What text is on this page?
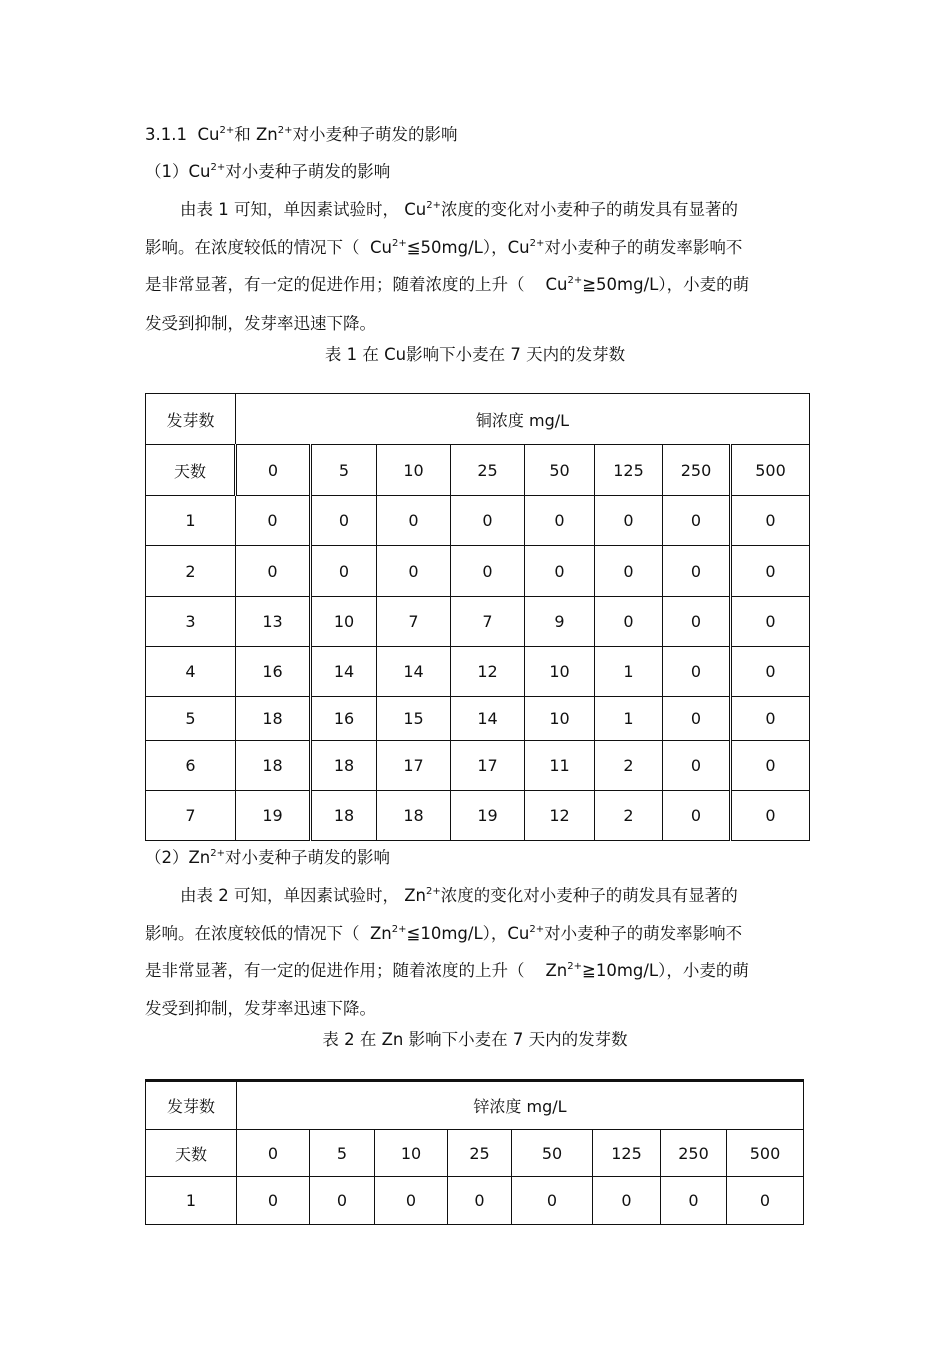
3.1.1 $Cu^{2+}$和 $Zn^{2+}$对小麦种子萌发的影响
$(1)Cu^{2+}$对小麦种子萌发的影响
由表 1 可知，单因素试验时， $Cu^{2+}$浓度的变化对小麦种子的萌发具有显著的
影响。在浓度较低的情况下（ $Cu^{2+}≦50mg/L$），$Cu^{2+}$对小麦种子的萌发率影响不
是非常显著，有一定的促进作用；随着浓度的上升（ $Cu^{2+}≧50mg/L$），小麦的萌
发受到抑制，发芽率迅速下降。
表 1 在 Cu影响下小麦在 7 天内的发芽数
发芽数	铜浓度 mg/L							
天数	0	5	10	25	50	125	250	500
1	0	0	0	0	0	0	0	0
2	0	0	0	0	0	0	0	0
3	13	10	7	7	9	0	0	0
4	16	14	14	12	10	1	0	0
5	18	16	15	14	10	1	0	0
6	18	18	17	17	11	2	0	0
7	19	18	18	19	12	2	0	0
$(2)Zn^{2+}$对小麦种子萌发的影响
由表 2 可知，单因素试验时， $Zn^{2+}$浓度的变化对小麦种子的萌发具有显著的
影响。在浓度较低的情况下（ $Zn^{2+}≦10mg/L$），$Cu^{2+}$对小麦种子的萌发率影响不
是非常显著，有一定的促进作用；随着浓度的上升（ $Zn^{2+}≧10mg/L$），小麦的萌
发受到抑制，发芽率迅速下降。
表 2 在 Zn 影响下小麦在 7 天内的发芽数
发芽数	锌浓度 mg/L							
天数	0	5	10	25	50	125	250	500
1	0	0	0	0	0	0	0	0
